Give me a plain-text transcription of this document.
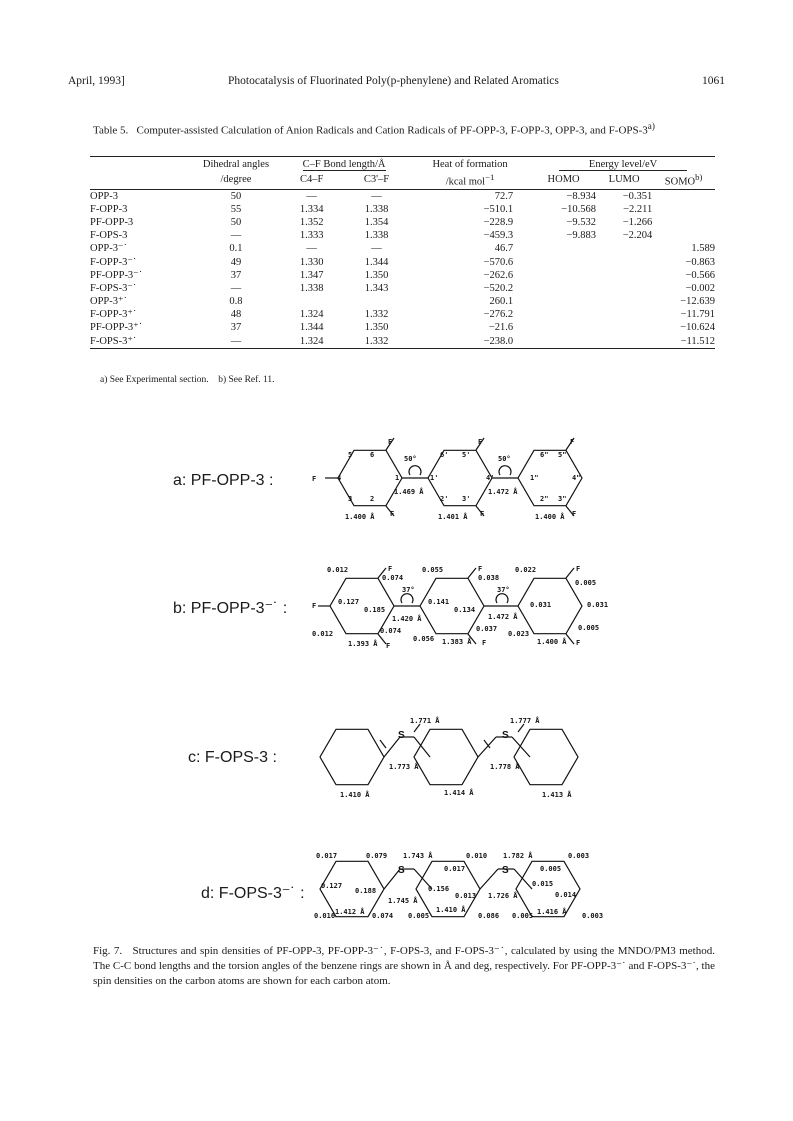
April, 1993]	Photocatalysis of Fluorinated Poly(p-phenylene) and Related Aromatics	1061
Table 5. Computer-assisted Calculation of Anion Radicals and Cation Radicals of PF-OPP-3, F-OPP-3, OPP-3, and F-OPS-3$^{a)}$
	Dihedral angles	C–F Bond length/Å		Heat of formation	Energy level/eV		
	/degree	C4–F	C3'–F	/kcal mol$^{-1}$	HOMO	LUMO	SOMO$^{b)}$
OPP-3	50	—	—	72.7	−8.934	−0.351	
F-OPP-3	55	1.334	1.338	−510.1	−10.568	−2.211	
PF-OPP-3	50	1.352	1.354	−228.9	−9.532	−1.266	
F-OPS-3	—	1.333	1.338	−459.3	−9.883	−2.204	
OPP-3⁻˙	0.1	—	—	46.7			1.589
F-OPP-3⁻˙	49	1.330	1.344	−570.6			−0.863
PF-OPP-3⁻˙	37	1.347	1.350	−262.6			−0.566
F-OPS-3⁻˙	—	1.338	1.343	−520.2			−0.002
OPP-3⁺˙	0.8			260.1			−12.639
F-OPP-3⁺˙	48	1.324	1.332	−276.2			−11.791
PF-OPP-3⁺˙	37	1.344	1.350	−21.6			−10.624
F-OPS-3⁺˙	—	1.324	1.332	−238.0			−11.512
a) See Experimental section. b) See Ref. 11.
a: PF-OPP-3 :
b: PF-OPP-3⁻˙ :
c: F-OPS-3 :
d: F-OPS-3⁻˙ :
F	F	F
F
F	F	F
50°	50°
1.469 Å	1.472 Å
1.400 Å	1.401 Å	1.400 Å
5	6
4	1
3	2
6' 5'
1'	4'
2' 3'
6" 5"
1"	4"
2" 3"
F	F	F
F
F	F	F
37°	37°
1.420 Å	1.472 Å
1.393 Å	1.383 Å	1.400 Å
0.012
0.074
0.055
0.038
0.022
0.005
0.127
0.185
0.141
0.134
0.031	0.031
0.074
0.056
0.037
0.023
0.005
0.012
S	S
1.771 Å	1.777 Å
1.773 Å	1.778 Å
1.410 Å	1.414 Å	1.413 Å
S	S
1.743 Å	1.782 Å
1.745 Å
1.726 Å
1.412 Å	1.410 Å	1.416 Å
0.017	0.079	0.010	0.003
0.017	0.005
0.127
0.188	0.156
0.013
0.015
0.014
0.016	0.074 0.005	0.086 0.005	0.003
Fig. 7. Structures and spin densities of PF-OPP-3, PF-OPP-3⁻˙, F-OPS-3, and F-OPS-3⁻˙, calculated by using the MNDO/PM3 method. The C-C bond lengths and the torsion angles of the benzene rings are shown in Å and deg, respectively. For PF-OPP-3⁻˙ and F-OPS-3⁻˙, the spin densities on the carbon atoms are shown for each carbon atom.
